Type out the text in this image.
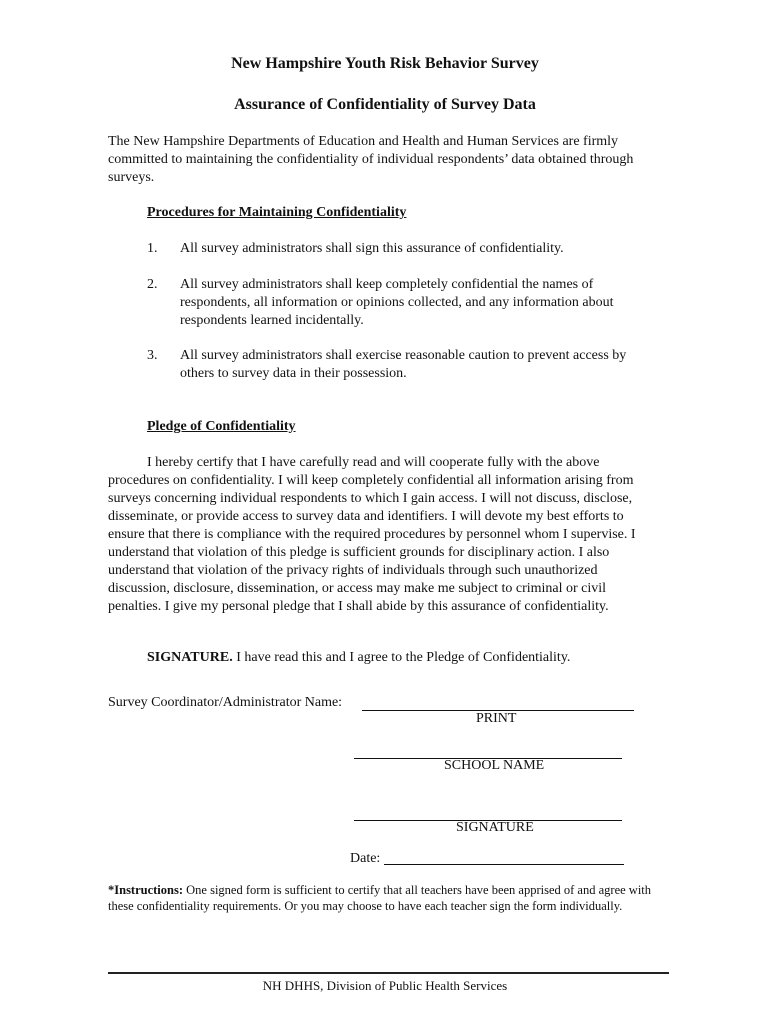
New Hampshire Youth Risk Behavior Survey
Assurance of Confidentiality of Survey Data
The New Hampshire Departments of Education and Health and Human Services are firmly committed to maintaining the confidentiality of individual respondents’ data obtained through surveys.
Procedures for Maintaining Confidentiality
1.	All survey administrators shall sign this assurance of confidentiality.
2.	All survey administrators shall keep completely confidential the names of respondents, all information or opinions collected, and any information about respondents learned incidentally.
3.	All survey administrators shall exercise reasonable caution to prevent access by others to survey data in their possession.
Pledge of Confidentiality
I hereby certify that I have carefully read and will cooperate fully with the above procedures on confidentiality. I will keep completely confidential all information arising from surveys concerning individual respondents to which I gain access. I will not discuss, disclose, disseminate, or provide access to survey data and identifiers. I will devote my best efforts to ensure that there is compliance with the required procedures by personnel whom I supervise. I understand that violation of this pledge is sufficient grounds for disciplinary action. I also understand that violation of the privacy rights of individuals through such unauthorized discussion, disclosure, dissemination, or access may make me subject to criminal or civil penalties. I give my personal pledge that I shall abide by this assurance of confidentiality.
SIGNATURE. I have read this and I agree to the Pledge of Confidentiality.
Survey Coordinator/Administrator Name:
PRINT
SCHOOL NAME
SIGNATURE
Date:
*Instructions: One signed form is sufficient to certify that all teachers have been apprised of and agree with these confidentiality requirements. Or you may choose to have each teacher sign the form individually.
NH DHHS, Division of Public Health Services
